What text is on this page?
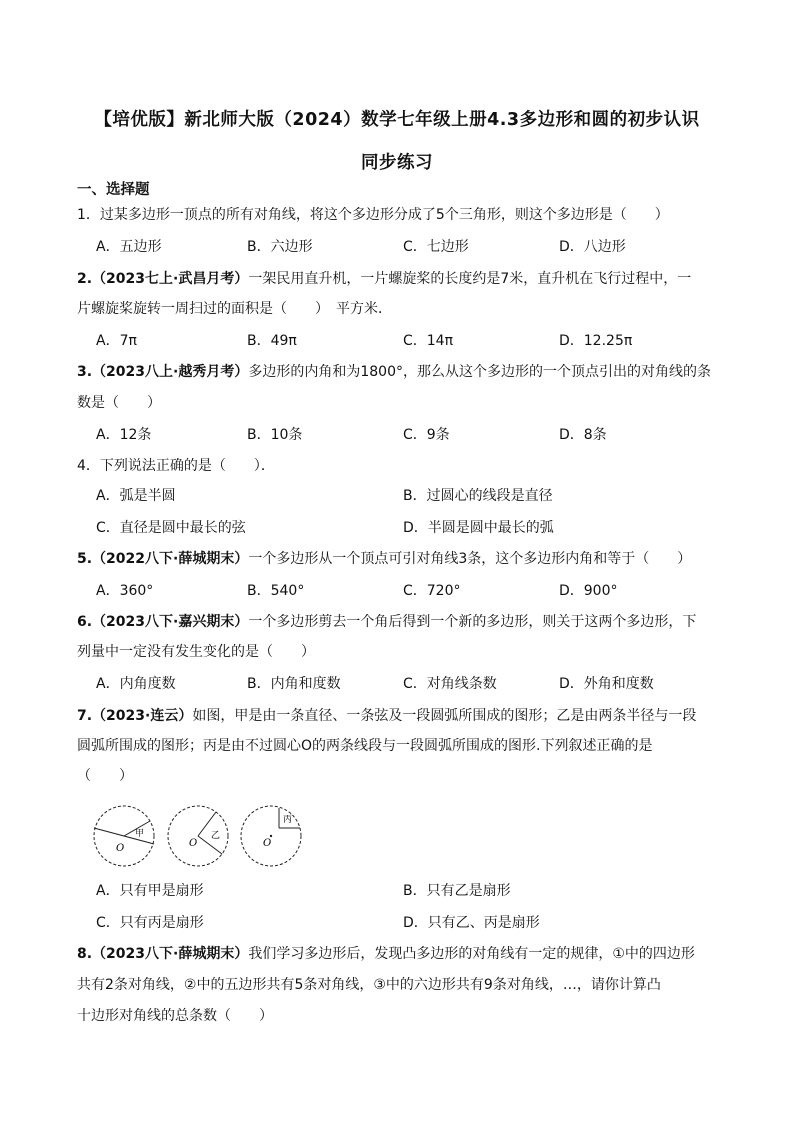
【培优版】新北师大版（2024）数学七年级上册4.3多边形和圆的初步认识
同步练习
一、选择题
1．过某多边形一顶点的所有对角线，将这个多边形分成了5个三角形，则这个多边形是（　　）
A．五边形	B．六边形	C．七边形	D．八边形
2.（2023七上·武昌月考）一架民用直升机，一片螺旋桨的长度约是7米，直升机在飞行过程中，一
片螺旋桨旋转一周扫过的面积是（　　）　平方米．
A．7π	B．49π	C．14π	D．12.25π
3.（2023八上·越秀月考）多边形的内角和为1800°，那么从这个多边形的一个顶点引出的对角线的条
数是（　　）
A．12条	B．10条	C．9条	D．8条
4．下列说法正确的是（　　）．
A．弧是半圆	B．过圆心的线段是直径
C．直径是圆中最长的弦	D．半圆是圆中最长的弧
5.（2022八下·薛城期末）一个多边形从一个顶点可引对角线3条，这个多边形内角和等于（　　）
A．360°	B．540°	C．720°	D．900°
6.（2023八下·嘉兴期末）一个多边形剪去一个角后得到一个新的多边形，则关于这两个多边形，下
列量中一定没有发生变化的是（　　）
A．内角度数	B．内角和度数	C．对角线条数	D．外角和度数
7.（2023·连云）如图，甲是由一条直径、一条弦及一段圆弧所围成的图形；乙是由两条半径与一段
圆弧所围成的图形；丙是由不过圆心O的两条线段与一段圆弧所围成的图形.下列叙述正确的是
（　　）
甲
O
乙
O
丙
O
A．只有甲是扇形	B．只有乙是扇形
C．只有丙是扇形	D．只有乙、丙是扇形
8.（2023八下·薛城期末）我们学习多边形后，发现凸多边形的对角线有一定的规律，①中的四边形
共有2条对角线，②中的五边形共有5条对角线，③中的六边形共有9条对角线，…，请你计算凸
十边形对角线的总条数（　　）
